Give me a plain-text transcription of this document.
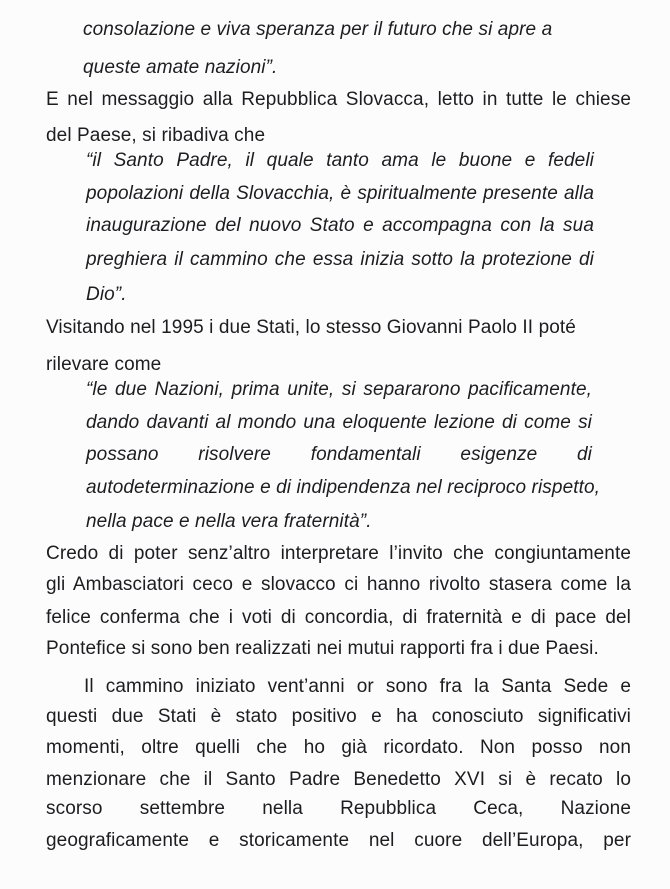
consolazione e viva speranza per il futuro che si apre a
queste amate nazioni”.
E nel messaggio alla Repubblica Slovacca, letto in tutte le chiese
del Paese, si ribadiva che
“il Santo Padre, il quale tanto ama le buone e fedeli
popolazioni della Slovacchia, è spiritualmente presente alla
inaugurazione del nuovo Stato e accompagna con la sua
preghiera il cammino che essa inizia sotto la protezione di
Dio”.
Visitando nel 1995 i due Stati, lo stesso Giovanni Paolo II poté
rilevare come
“le due Nazioni, prima unite, si separarono pacificamente,
dando davanti al mondo una eloquente lezione di come si
possano risolvere fondamentali esigenze di
autodeterminazione e di indipendenza nel reciproco rispetto,
nella pace e nella vera fraternità”.
Credo di poter senz’altro interpretare l’invito che congiuntamente
gli Ambasciatori ceco e slovacco ci hanno rivolto stasera come la
felice conferma che i voti di concordia, di fraternità e di pace del
Pontefice si sono ben realizzati nei mutui rapporti fra i due Paesi.
Il cammino iniziato vent’anni or sono fra la Santa Sede e
questi due Stati è stato positivo e ha conosciuto significativi
momenti, oltre quelli che ho già ricordato. Non posso non
menzionare che il Santo Padre Benedetto XVI si è recato lo
scorso settembre nella Repubblica Ceca, Nazione
geograficamente e storicamente nel cuore dell’Europa, per
